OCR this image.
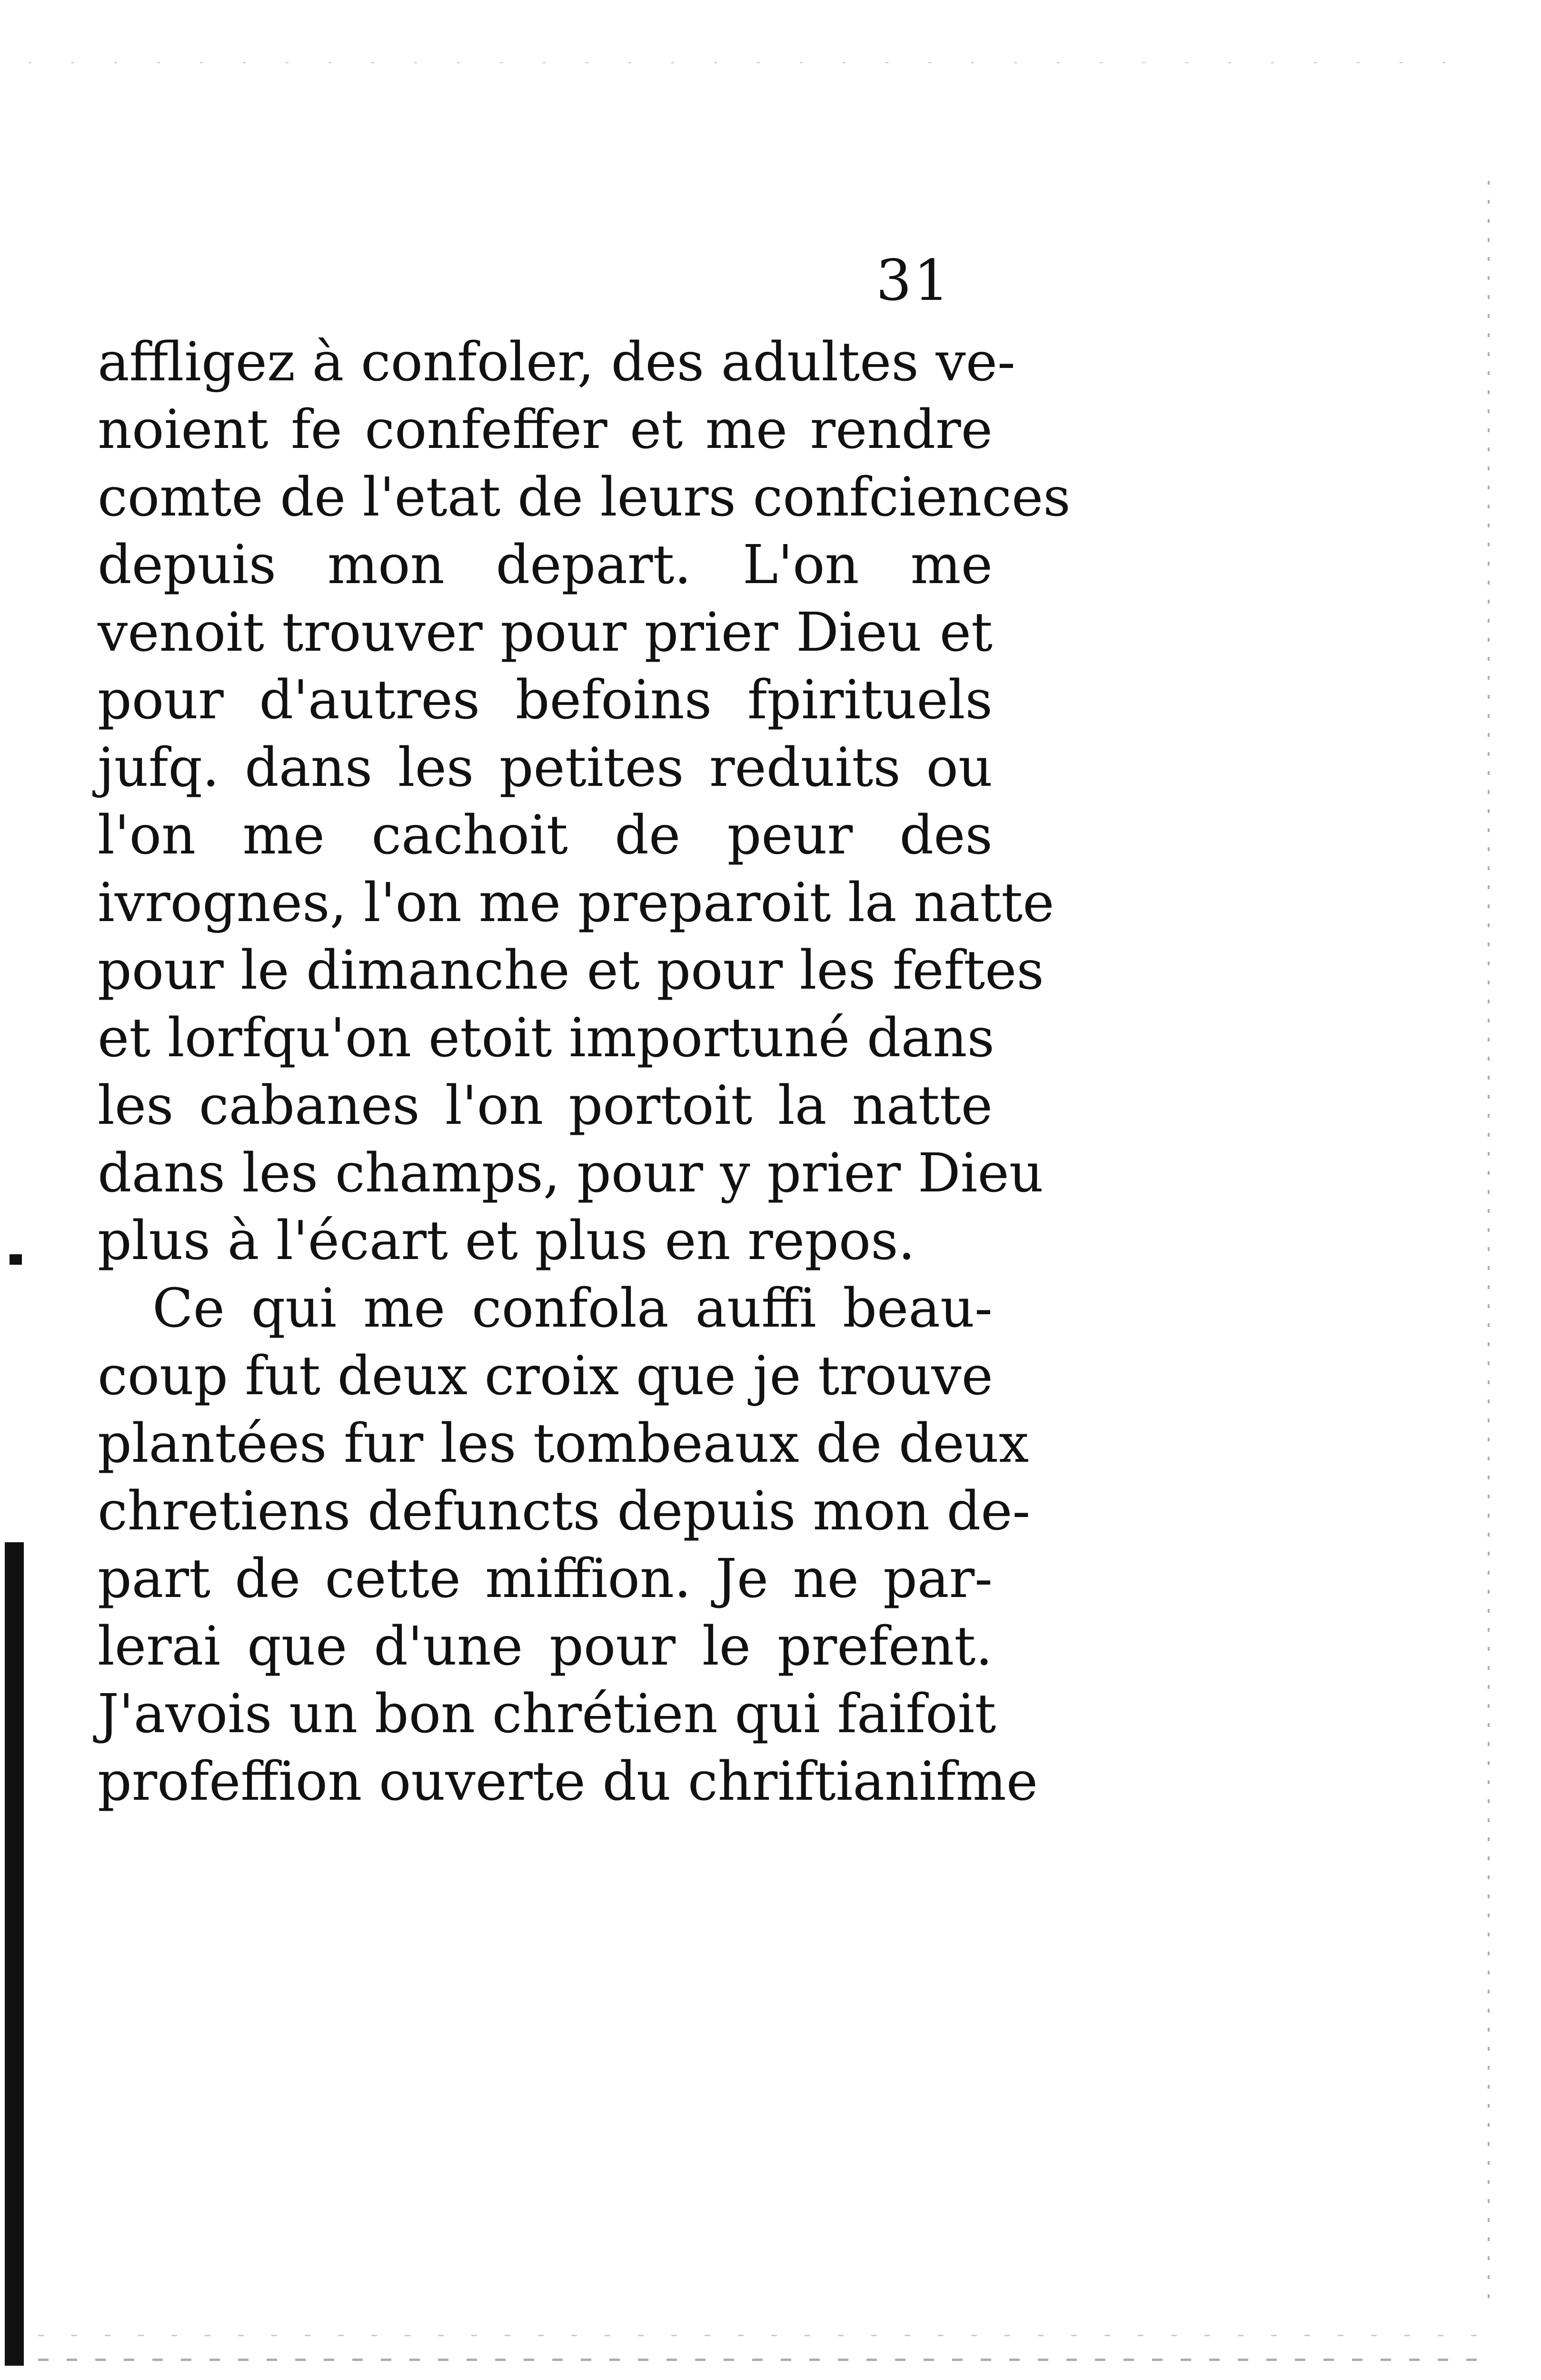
31
affligez à confoler, des adultes ve-
noient fe confeffer et me rendre
comte de l'etat de leurs confciences
depuis mon depart. L'on me
venoit trouver pour prier Dieu et
pour d'autres befoins fpirituels
jufq. dans les petites reduits ou
l'on me cachoit de peur des
ivrognes, l'on me preparoit la natte
pour le dimanche et pour les feftes
et lorfqu'on etoit importuné dans
les cabanes l'on portoit la natte
dans les champs, pour y prier Dieu
plus à l'écart et plus en repos.
Ce qui me confola auffi beau-
coup fut deux croix que je trouve
plantées fur les tombeaux de deux
chretiens defuncts depuis mon de-
part de cette miffion. Je ne par-
lerai que d'une pour le prefent.
J'avois un bon chrétien qui faifoit
profeffion ouverte du chriftianifme
